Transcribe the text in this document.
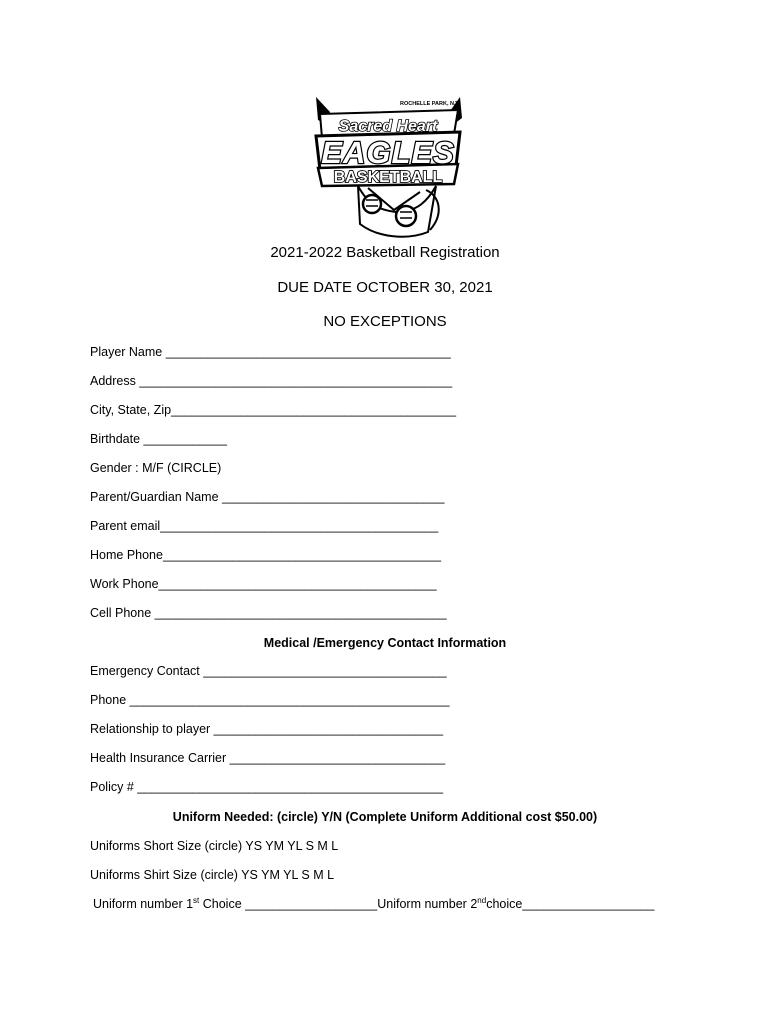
ROCHELLE PARK, NJ
Sacred Heart
EAGLES
BASKETBALL
2021-2022 Basketball Registration
DUE DATE OCTOBER 30, 2021
NO EXCEPTIONS
Player Name _________________________________________
Address _____________________________________________
City, State, Zip_________________________________________
Birthdate ____________
Gender : M/F (CIRCLE)
Parent/Guardian Name ________________________________
Parent email________________________________________
Home Phone________________________________________
Work Phone________________________________________
Cell Phone __________________________________________
Medical /Emergency Contact Information
Emergency Contact ___________________________________
Phone ______________________________________________
Relationship to player _________________________________
Health Insurance Carrier _______________________________
Policy # ____________________________________________
Uniform Needed: (circle) Y/N (Complete Uniform Additional cost $50.00)
Uniforms Short Size (circle) YS YM YL S M L
Uniforms Shirt Size (circle) YS YM YL S M L
Uniform number 1st Choice ___________________Uniform number 2ndchoice___________________
